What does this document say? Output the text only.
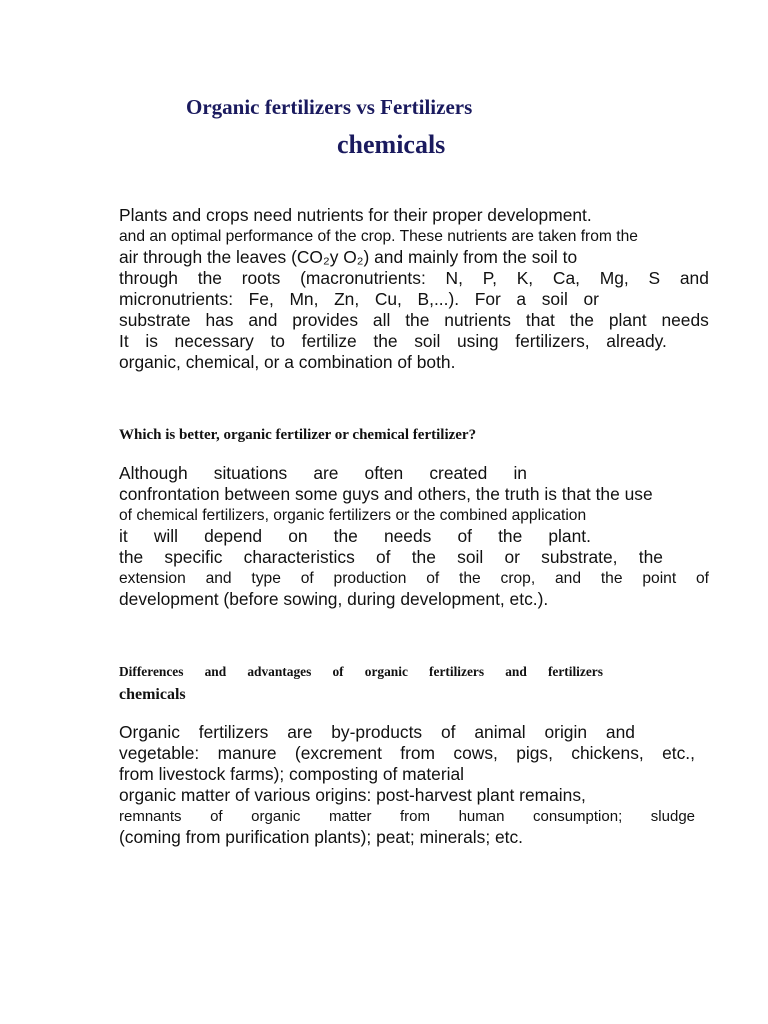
Organic fertilizers vs Fertilizers
chemicals
Plants and crops need nutrients for their proper development.
and an optimal performance of the crop. These nutrients are taken from the
air through the leaves (CO₂y O₂) and mainly from the soil to
through the roots (macronutrients: N, P, K, Ca, Mg, S and
micronutrients: Fe, Mn, Zn, Cu, B,...). For a soil or
substrate has and provides all the nutrients that the plant needs
It is necessary to fertilize the soil using fertilizers, already.
organic, chemical, or a combination of both.
Which is better, organic fertilizer or chemical fertilizer?
Although situations are often created in
confrontation between some guys and others, the truth is that the use
of chemical fertilizers, organic fertilizers or the combined application
it will depend on the needs of the plant.
the specific characteristics of the soil or substrate, the
extension and type of production of the crop, and the point of
development (before sowing, during development, etc.).
Differences and advantages of organic fertilizers and fertilizers
chemicals
Organic fertilizers are by-products of animal origin and
vegetable: manure (excrement from cows, pigs, chickens, etc.,
from livestock farms); composting of material
organic matter of various origins: post-harvest plant remains,
remnants of organic matter from human consumption; sludge
(coming from purification plants); peat; minerals; etc.
